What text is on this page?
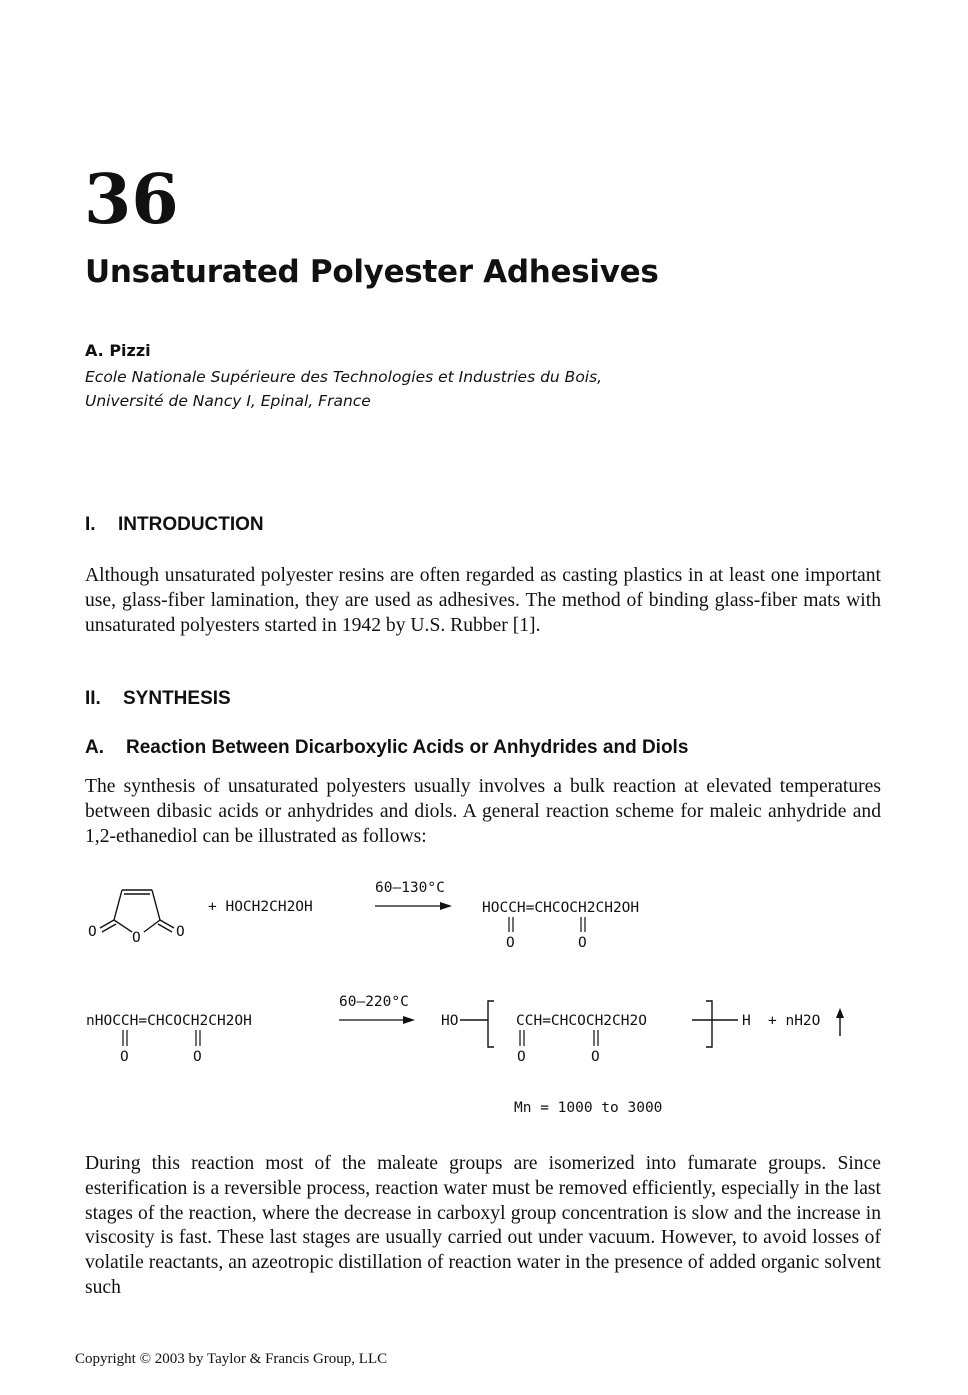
36
Unsaturated Polyester Adhesives

A. Pizzi

Ecole Nationale Supérieure des Technologies et Industries du Bois,

Université de Nancy I, Epinal, France

I. INTRODUCTION

Although unsaturated polyester resins are often regarded as casting plastics in at least one important use, glass-fiber lamination, they are used as adhesives. The method of binding glass-fiber mats with unsaturated polyesters started in 1942 by U.S. Rubber [1].

II. SYNTHESIS
A. Reaction Between Dicarboxylic Acids or Anhydrides and Diols

The synthesis of unsaturated polyesters usually involves a bulk reaction at elevated temperatures between dibasic acids or anhydrides and diols. A general reaction scheme for maleic anhydride and 1,2-ethanediol can be illustrated as follows:

O O O
+ HOCH2CH2OH
60–130°C
HOCCH=CHCOCH2CH2OH
O	O
nHOCCH=CHCOCH2CH2OH
O	O
60–220°C
HO	CCH=CHCOCH2CH2O
O	O
H + nH2O
Mn = 1000 to 3000

During this reaction most of the maleate groups are isomerized into fumarate groups. Since esterification is a reversible process, reaction water must be removed efficiently, especially in the last stages of the reaction, where the decrease in carboxyl group concentration is slow and the increase in viscosity is fast. These last stages are usually carried out under vacuum. However, to avoid losses of volatile reactants, an azeotropic distillation of reaction water in the presence of added organic solvent such

Copyright © 2003 by Taylor & Francis Group, LLC
